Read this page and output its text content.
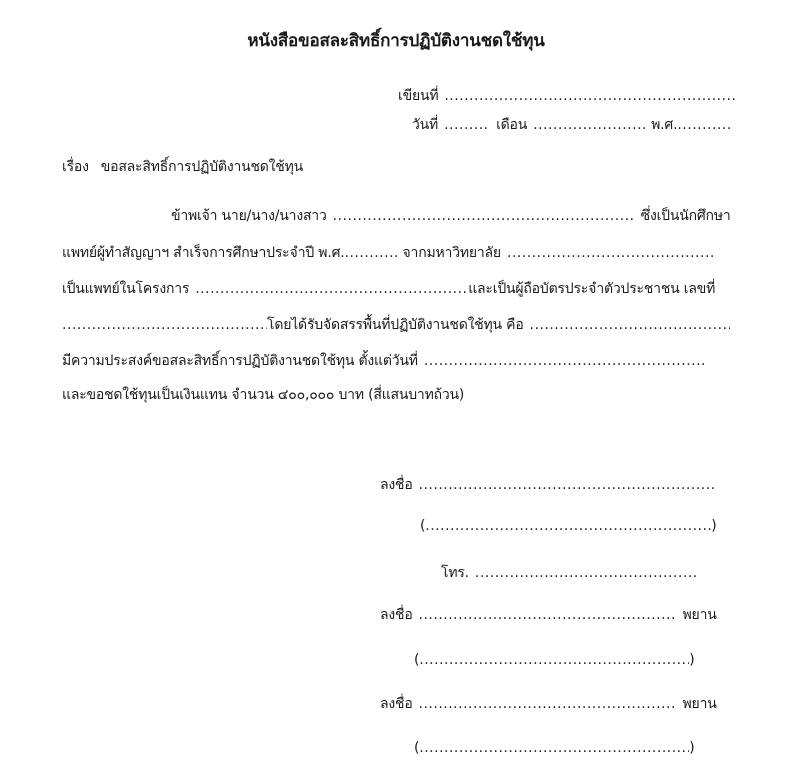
หนังสือขอสละสิทธิ์การปฏิบัติงานชดใช้ทุน
เขียนที่.....
วันที่ .....	เดือน .....	พ.ศ......
เรื่อง ขอสละสิทธิ์การปฏิบัติงานชดใช้ทุน
ข้าพเจ้า นาย/นาง/นางสาว .....	ซึ่งเป็นนักศึกษา
แพทย์ผู้ทำสัญญาฯ สำเร็จการศึกษาประจำปี พ.ศ. .....	จากมหาวิทยาลัย.....
เป็นแพทย์ในโครงการ .....	และเป็นผู้ถือบัตรประจำตัวประชาชน เลขที่
.....โดยได้รับจัดสรรพื้นที่ปฏิบัติงานชดใช้ทุน คือ.....
มีความประสงค์ขอสละสิทธิ์การปฏิบัติงานชดใช้ทุน ตั้งแต่วันที่.....
และขอชดใช้ทุนเป็นเงินแทน จำนวน ๔๐๐,๐๐๐ บาท (สี่แสนบาทถ้วน)
ลงชื่อ.....
( .....	)
โทร......
ลงชื่อ .....	พยาน
( .....	)
ลงชื่อ .....	พยาน
( .....	)
